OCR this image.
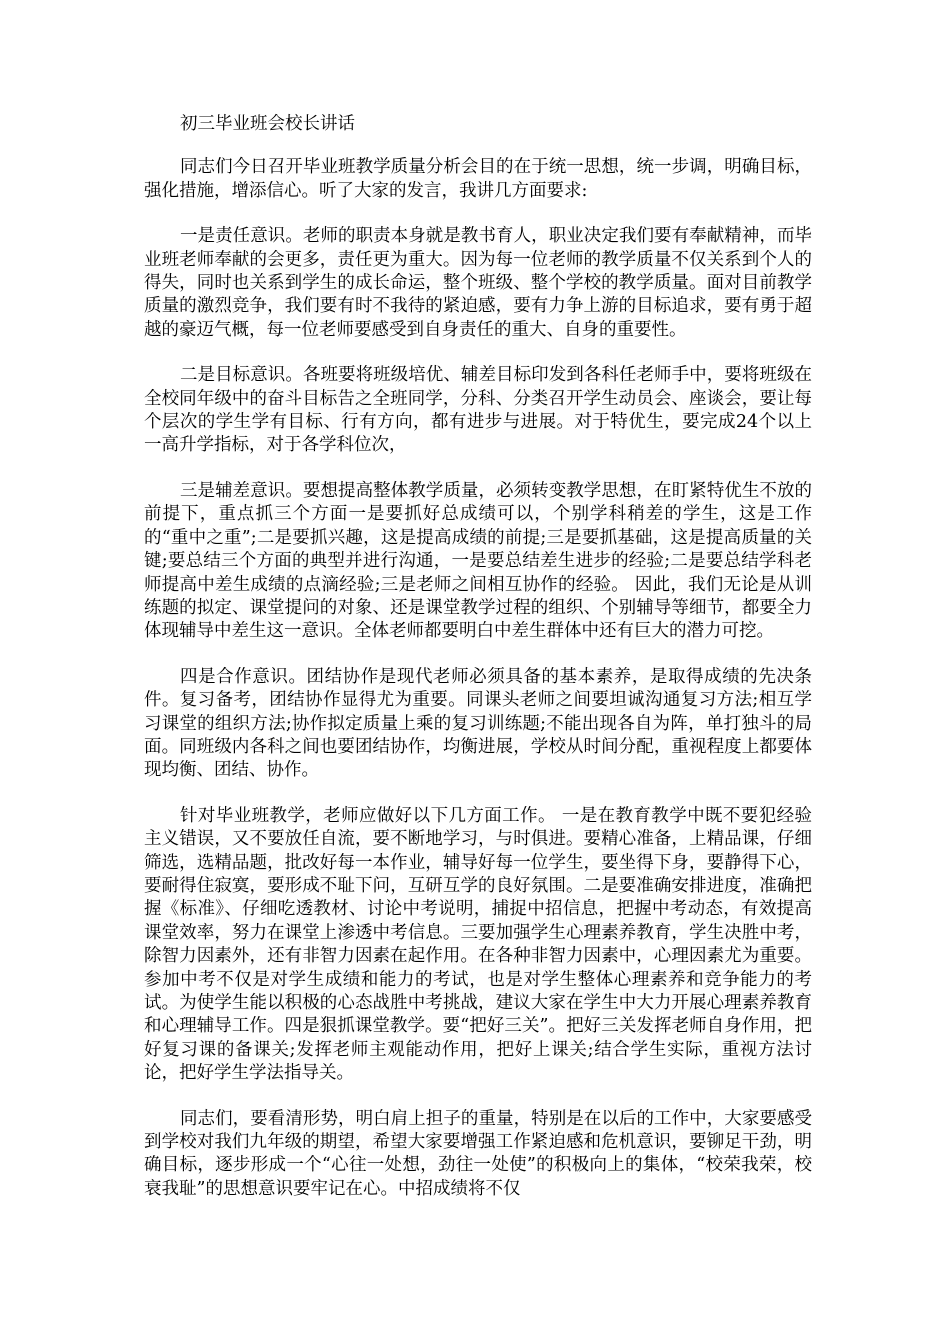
初三毕业班会校长讲话

同志们今日召开毕业班教学质量分析会目的在于统一思想，统一步调，明确目标，强化措施，增添信心。听了大家的发言，我讲几方面要求:

一是责任意识。老师的职责本身就是教书育人，职业决定我们要有奉献精神，而毕业班老师奉献的会更多，责任更为重大。因为每一位老师的教学质量不仅关系到个人的得失，同时也关系到学生的成长命运，整个班级、整个学校的教学质量。面对目前教学质量的激烈竞争，我们要有时不我待的紧迫感，要有力争上游的目标追求，要有勇于超越的豪迈气概，每一位老师要感受到自身责任的重大、自身的重要性。

二是目标意识。各班要将班级培优、辅差目标印发到各科任老师手中，要将班级在全校同年级中的奋斗目标告之全班同学，分科、分类召开学生动员会、座谈会，要让每个层次的学生学有目标、行有方向，都有进步与进展。对于特优生，要完成24个以上一高升学指标，对于各学科位次，

三是辅差意识。要想提高整体教学质量，必须转变教学思想，在盯紧特优生不放的前提下，重点抓三个方面一是要抓好总成绩可以，个别学科稍差的学生，这是工作的“重中之重”;二是要抓兴趣，这是提高成绩的前提;三是要抓基础，这是提高质量的关键;要总结三个方面的典型并进行沟通，一是要总结差生进步的经验;二是要总结学科老师提高中差生成绩的点滴经验;三是老师之间相互协作的经验。 因此，我们无论是从训练题的拟定、课堂提问的对象、还是课堂教学过程的组织、个别辅导等细节，都要全力体现辅导中差生这一意识。全体老师都要明白中差生群体中还有巨大的潜力可挖。

四是合作意识。团结协作是现代老师必须具备的基本素养，是取得成绩的先决条件。复习备考，团结协作显得尤为重要。同课头老师之间要坦诚沟通复习方法;相互学习课堂的组织方法;协作拟定质量上乘的复习训练题;不能出现各自为阵，单打独斗的局面。同班级内各科之间也要团结协作，均衡进展，学校从时间分配，重视程度上都要体现均衡、团结、协作。

针对毕业班教学，老师应做好以下几方面工作。 一是在教育教学中既不要犯经验主义错误，又不要放任自流，要不断地学习，与时俱进。要精心准备，上精品课，仔细筛选，选精品题，批改好每一本作业，辅导好每一位学生，要坐得下身，要静得下心，要耐得住寂寞，要形成不耻下问，互研互学的良好氛围。二是要准确安排进度，准确把握《标准》、仔细吃透教材、讨论中考说明，捕捉中招信息，把握中考动态，有效提高课堂效率，努力在课堂上渗透中考信息。三要加强学生心理素养教育，学生决胜中考，除智力因素外，还有非智力因素在起作用。在各种非智力因素中，心理因素尤为重要。参加中考不仅是对学生成绩和能力的考试，也是对学生整体心理素养和竞争能力的考试。为使学生能以积极的心态战胜中考挑战，建议大家在学生中大力开展心理素养教育和心理辅导工作。四是狠抓课堂教学。要“把好三关”。把好三关发挥老师自身作用，把好复习课的备课关;发挥老师主观能动作用，把好上课关;结合学生实际，重视方法讨论，把好学生学法指导关。

同志们，要看清形势，明白肩上担子的重量，特别是在以后的工作中，大家要感受到学校对我们九年级的期望，希望大家要增强工作紧迫感和危机意识，要铆足干劲，明确目标，逐步形成一个“心往一处想，劲往一处使”的积极向上的集体，“校荣我荣，校衰我耻”的思想意识要牢记在心。中招成绩将不仅
